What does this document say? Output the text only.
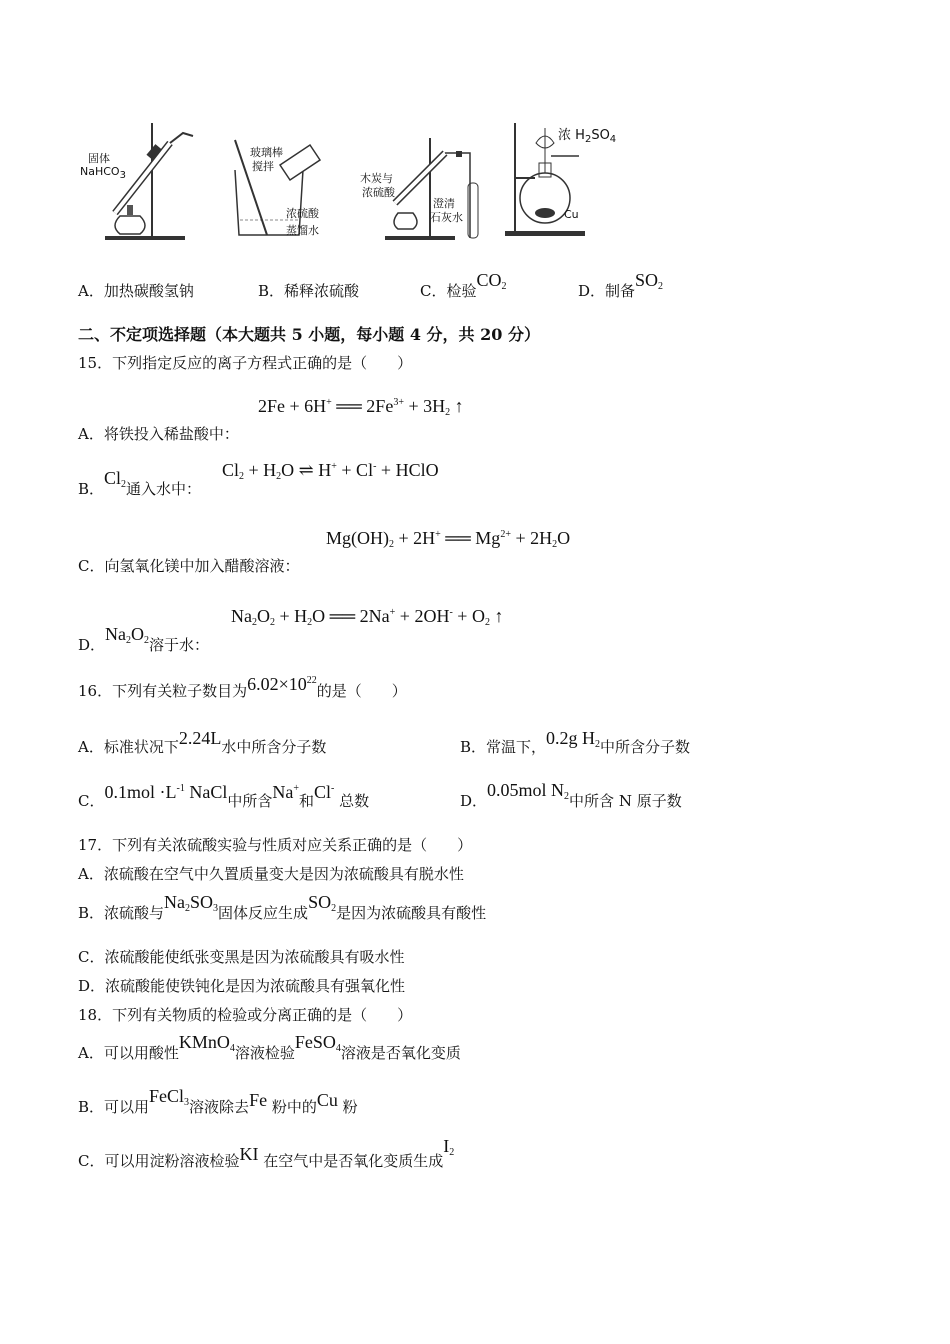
固体
NaHCO$_3$
玻璃棒
搅拌
浓硫酸
蒸馏水
木炭与
浓硫酸
澄清
石灰水
浓 $H_2SO_4$
Cu
A．加热碳酸氢钠	B．稀释浓硫酸	C．检验$CO_2$	D．制备$SO_2$
二、不定项选择题（本大题共 5 小题，每小题 4 分，共 20 分）
15．下列指定反应的离子方程式正确的是（　　）
2Fe + 6H+ ══ $2Fe^{3+} + 3H_2$ ↑
A．将铁投入稀盐酸中：
B．$Cl_2$通入水中：
$Cl_2 + H_2O$ ⇌ H+ + Cl- + HClO
$Mg(OH)_2 + 2H^+$ ══ $Mg^{2+} + 2H_2O$
C．向氢氧化镁中加入醋酸溶液：
$Na_2O_2 + H_2O$ ══ $2Na^+ + 2OH^- + O_2$ ↑
D．$Na_2O_2$溶于水：
16．下列有关粒子数目为$6.02\times 10^{22}$的是（　　）
A．标准状况下2.24L水中所含分子数	B．常温下，0.2g $H_2$中所含分子数
C．$0.1mol \cdot L^{-1}$ NaCl中所含Na+和Cl- 总数	D．0.05mol $N_2$中所含 N 原子数
17．下列有关浓硫酸实验与性质对应关系正确的是（　　）
A．浓硫酸在空气中久置质量变大是因为浓硫酸具有脱水性
B．浓硫酸与$Na_2SO_3$固体反应生成$SO_2$是因为浓硫酸具有酸性
C．浓硫酸能使纸张变黑是因为浓硫酸具有吸水性
D．浓硫酸能使铁钝化是因为浓硫酸具有强氧化性
18．下列有关物质的检验或分离正确的是（　　）
A．可以用酸性KMnO$_4$溶液检验FeSO$_4$溶液是否氧化变质
B．可以用FeCl$_3$溶液除去Fe 粉中的Cu 粉
C．可以用淀粉溶液检验KI 在空气中是否氧化变质生成$I_2$
